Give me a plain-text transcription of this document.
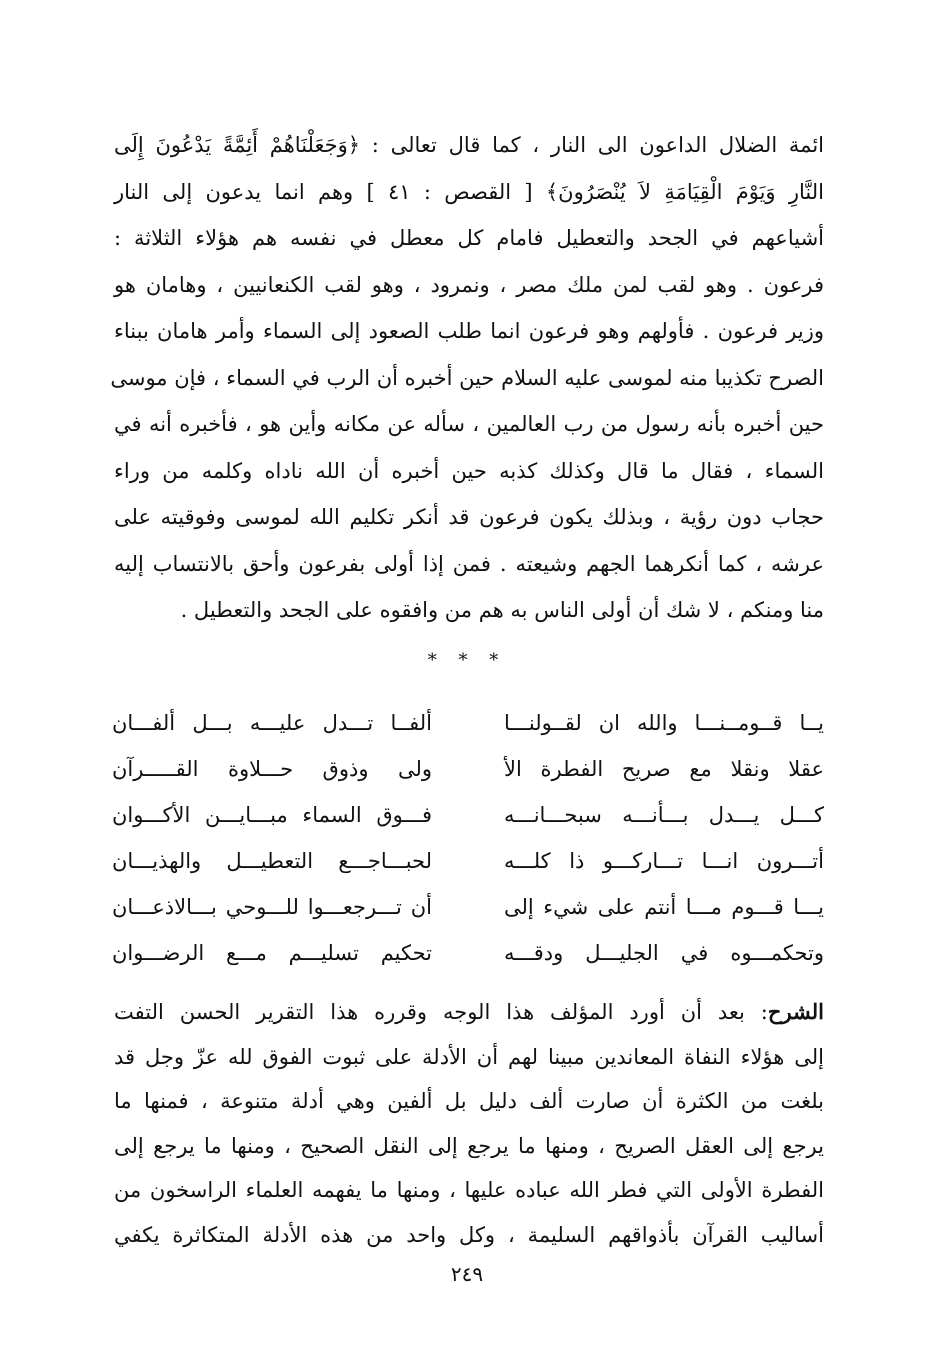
ائمة الضلال الداعون الى النار ، كما قال تعالى : ﴿وَجَعَلْنَاهُمْ أَئِمَّةً يَدْعُونَ إِلَى
النَّارِ وَيَوْمَ الْقِيَامَةِ لاَ يُنْصَرُونَ﴾ [ القصص : ٤١ ] وهم انما يدعون إلى النار
أشياعهم في الجحد والتعطيل فامام كل معطل في نفسه هم هؤلاء الثلاثة :
فرعون . وهو لقب لمن ملك مصر ، ونمرود ، وهو لقب الكنعانيين ، وهامان هو
وزير فرعون . فأولهم وهو فرعون انما طلب الصعود إلى السماء وأمر هامان ببناء
الصرح تكذيبا منه لموسى عليه السلام حين أخبره أن الرب في السماء ، فإن موسى
حين أخبره بأنه رسول من رب العالمين ، سأله عن مكانه وأين هو ، فأخبره أنه في
السماء ، فقال ما قال وكذلك كذبه حين أخبره أن الله ناداه وكلمه من وراء
حجاب دون رؤية ، وبذلك يكون فرعون قد أنكر تكليم الله لموسى وفوقيته على
عرشه ، كما أنكرهما الجهم وشيعته . فمن إذا أولى بفرعون وأحق بالانتساب إليه
منا ومنكم ، لا شك أن أولى الناس به هم من وافقوه على الجحد والتعطيل .
* * *
يــا قــومــنـــا والله ان لقــولنـــا
ألفــا تـــدل عليـــه بـــل ألفـــان
عقلا ونقلا مع صريح الفطرة الأ
ولى وذوق حـــلاوة القـــــرآن
كـــل يـــدل بـــأنـــه سبحـــانـــه
فـــوق السماء مبـــايـــن الأكـــوان
أتـــرون انـــا تـــاركـــو ذا كلـــه
لحبـــاجـــع التعطيـــل والهذيـــان
يـــا قـــوم مـــا أنتم على شيء إلى
أن تـــرجعـــوا للـــوحي بـــالاذعـــان
وتحكمـــوه في الجليـــل ودقـــه
تحكيم تسليـــم مـــع الرضـــوان
الشرح: بعد أن أورد المؤلف هذا الوجه وقرره هذا التقرير الحسن التفت
إلى هؤلاء النفاة المعاندين مبينا لهم أن الأدلة على ثبوت الفوق لله عزّ وجل قد
بلغت من الكثرة أن صارت ألف دليل بل ألفين وهي أدلة متنوعة ، فمنها ما
يرجع إلى العقل الصريح ، ومنها ما يرجع إلى النقل الصحيح ، ومنها ما يرجع إلى
الفطرة الأولى التي فطر الله عباده عليها ، ومنها ما يفهمه العلماء الراسخون من
أساليب القرآن بأذواقهم السليمة ، وكل واحد من هذه الأدلة المتكاثرة يكفي
٢٤٩
